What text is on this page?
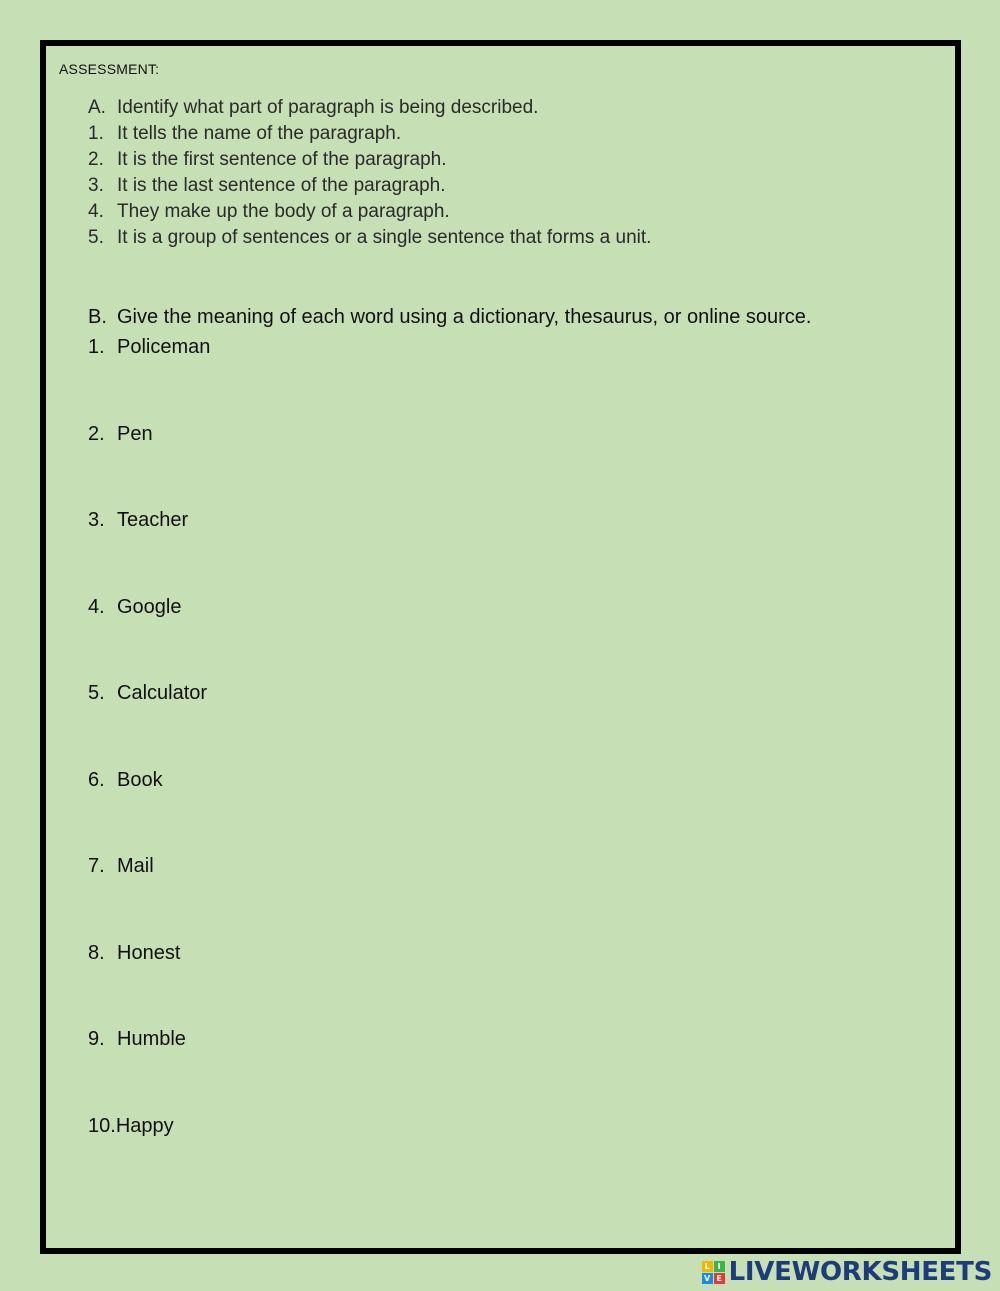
ASSESSMENT:
A. Identify what part of paragraph is being described.
1. It tells the name of the paragraph.
2. It is the first sentence of the paragraph.
3. It is the last sentence of the paragraph.
4. They make up the body of a paragraph.
5. It is a group of sentences or a single sentence that forms a unit.
B. Give the meaning of each word using a dictionary, thesaurus, or online source.
1. Policeman
2. Pen
3. Teacher
4. Google
5. Calculator
6. Book
7. Mail
8. Honest
9. Humble
10. Happy
L I
V E LIVEWORKSHEETS
